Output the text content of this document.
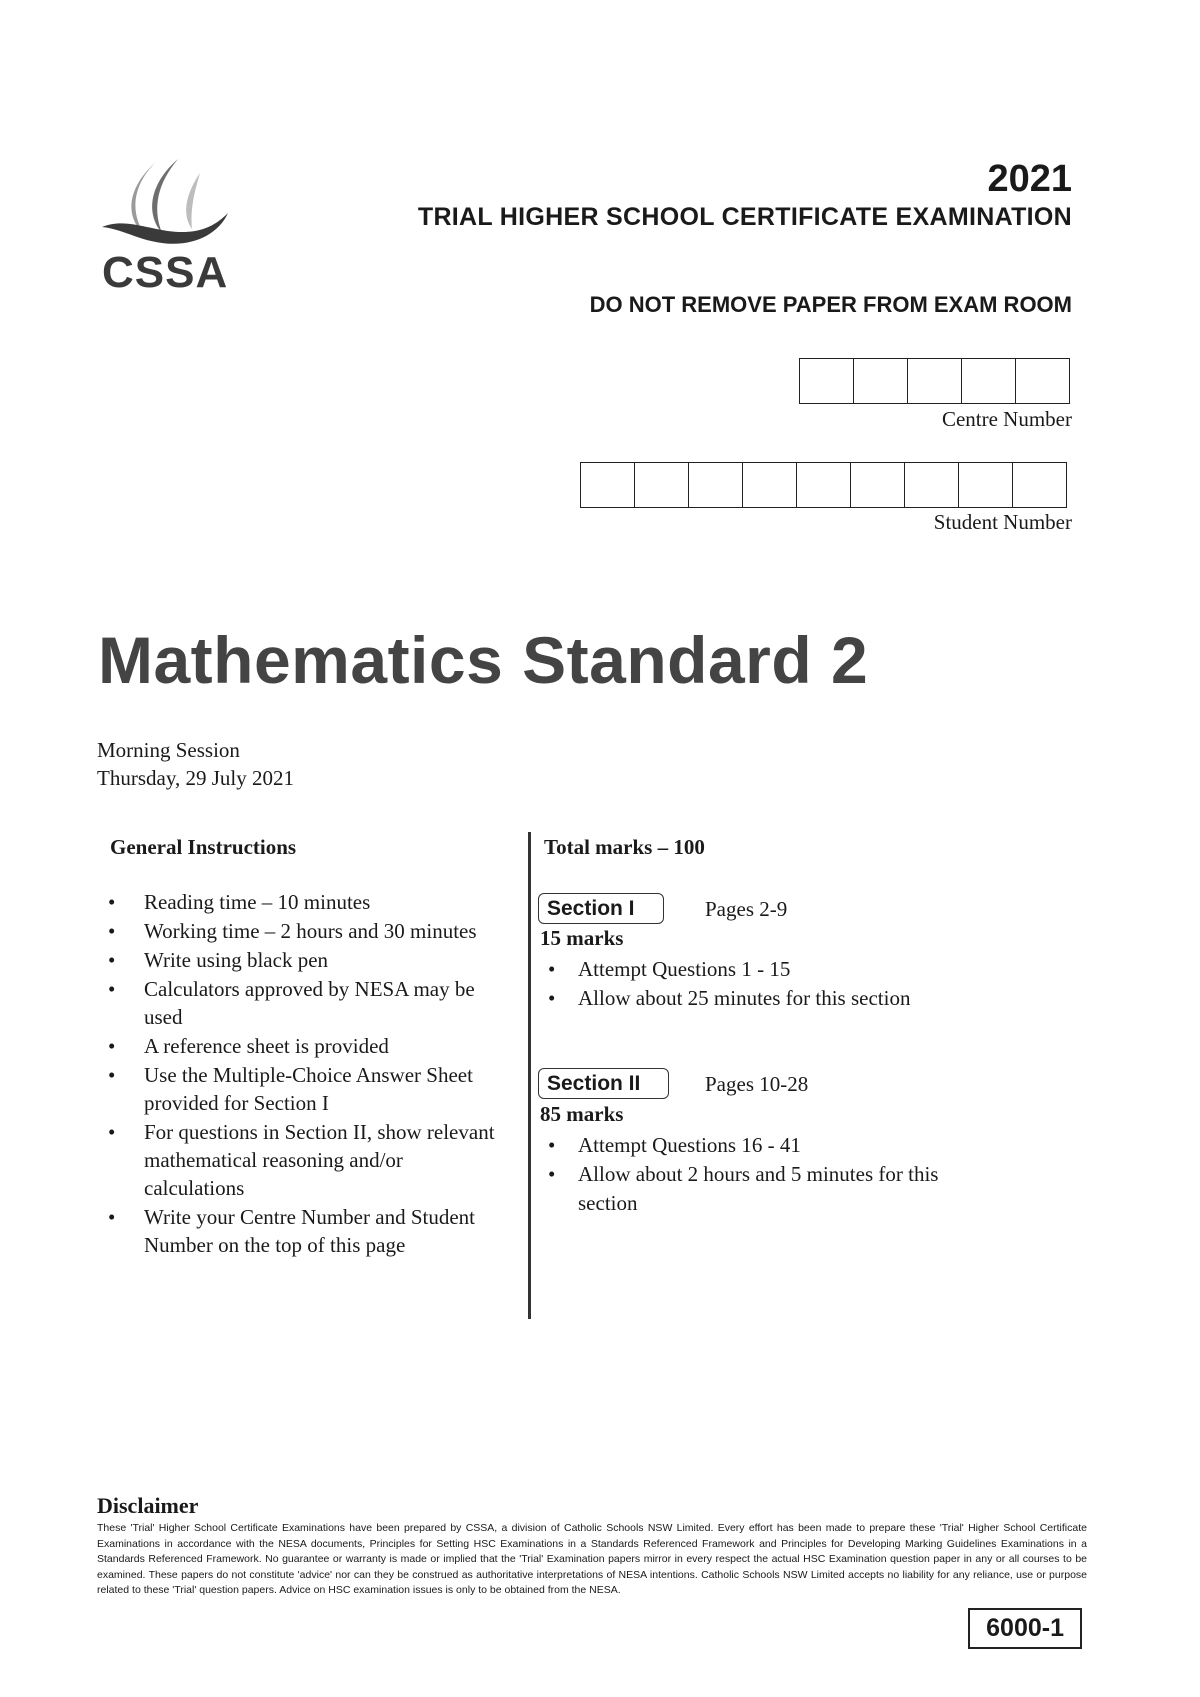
CSSA
2021
TRIAL HIGHER SCHOOL CERTIFICATE EXAMINATION
DO NOT REMOVE PAPER FROM EXAM ROOM
Centre Number
Student Number
Mathematics Standard 2
Morning Session
Thursday, 29 July 2021
General Instructions
• Reading time – 10 minutes
• Working time – 2 hours and 30 minutes
• Write using black pen
• Calculators approved by NESA may be used
• A reference sheet is provided
• Use the Multiple-Choice Answer Sheet provided for Section I
• For questions in Section II, show relevant mathematical reasoning and/or calculations
• Write your Centre Number and Student Number on the top of this page
Total marks – 100
Section I	Pages 2-9
15 marks
• Attempt Questions 1 - 15
• Allow about 25 minutes for this section
Section II	Pages 10-28
85 marks
• Attempt Questions 16 - 41
• Allow about 2 hours and 5 minutes for this section
Disclaimer
These 'Trial' Higher School Certificate Examinations have been prepared by CSSA, a division of Catholic Schools NSW Limited. Every effort has been made to prepare these 'Trial' Higher School Certificate Examinations in accordance with the NESA documents, Principles for Setting HSC Examinations in a Standards Referenced Framework and Principles for Developing Marking Guidelines Examinations in a Standards Referenced Framework. No guarantee or warranty is made or implied that the 'Trial' Examination papers mirror in every respect the actual HSC Examination question paper in any or all courses to be examined. These papers do not constitute 'advice' nor can they be construed as authoritative interpretations of NESA intentions. Catholic Schools NSW Limited accepts no liability for any reliance, use or purpose related to these 'Trial' question papers. Advice on HSC examination issues is only to be obtained from the NESA.
6000-1
